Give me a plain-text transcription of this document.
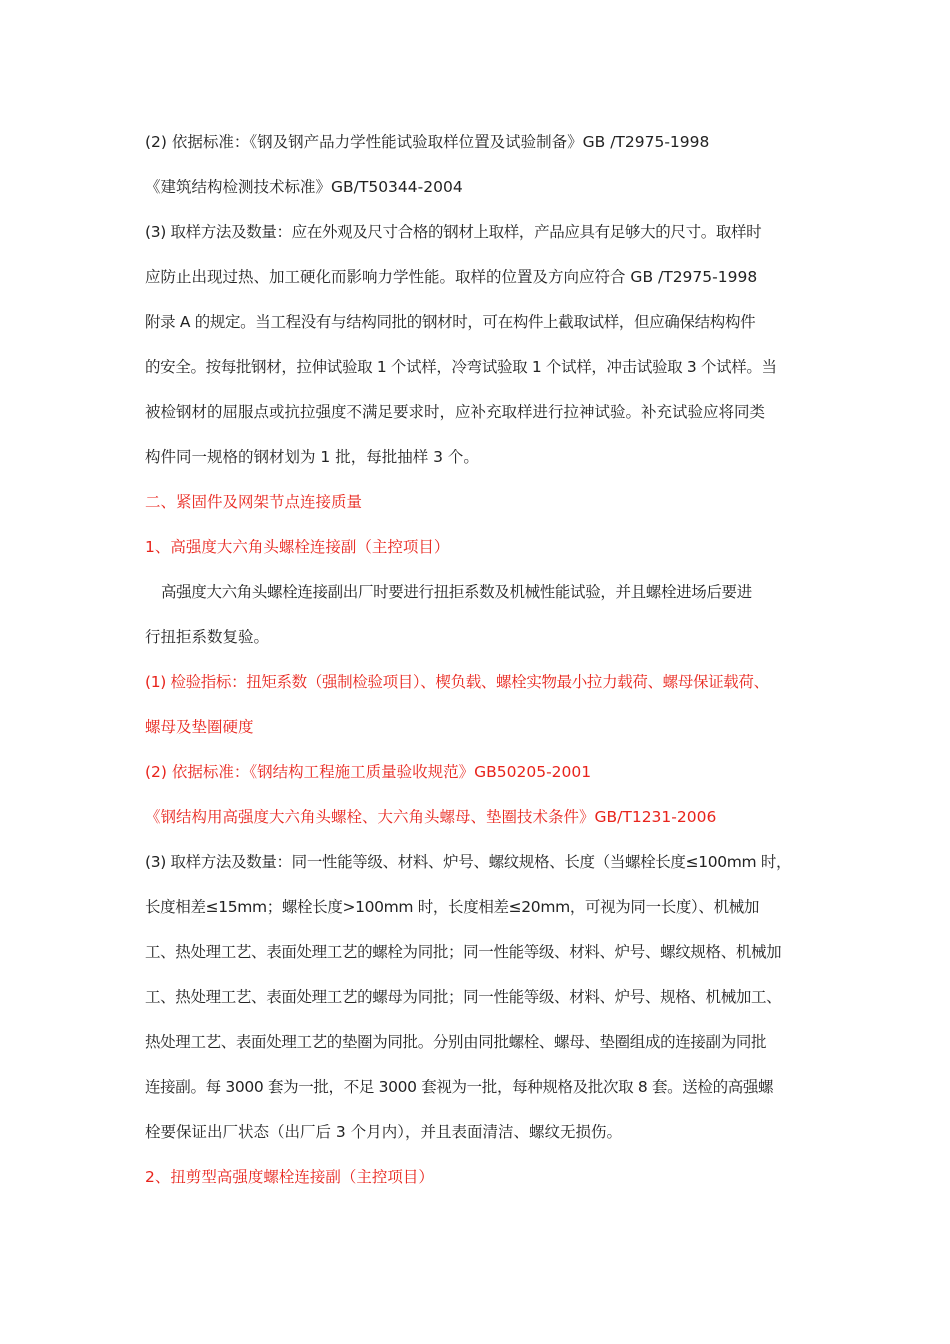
(2) 依据标准：《钢及钢产品力学性能试验取样位置及试验制备》GB /T2975-1998
《建筑结构检测技术标准》GB/T50344-2004
(3) 取样方法及数量：应在外观及尺寸合格的钢材上取样，产品应具有足够大的尺寸。取样时
应防止出现过热、加工硬化而影响力学性能。取样的位置及方向应符合 GB /T2975-1998
附录 A 的规定。当工程没有与结构同批的钢材时，可在构件上截取试样，但应确保结构构件
的安全。按每批钢材，拉伸试验取 1 个试样，冷弯试验取 1 个试样，冲击试验取 3 个试样。当
被检钢材的屈服点或抗拉强度不满足要求时，应补充取样进行拉神试验。补充试验应将同类
构件同一规格的钢材划为 1 批，每批抽样 3 个。
二、紧固件及网架节点连接质量
1、高强度大六角头螺栓连接副（主控项目）
高强度大六角头螺栓连接副出厂时要进行扭拒系数及机械性能试验，并且螺栓进场后要进
行扭拒系数复验。
(1) 检验指标：扭矩系数（强制检验项目）、楔负载、螺栓实物最小拉力载荷、螺母保证载荷、
螺母及垫圈硬度
(2) 依据标准：《钢结构工程施工质量验收规范》GB50205-2001
《钢结构用高强度大六角头螺栓、大六角头螺母、垫圈技术条件》GB/T1231-2006
(3) 取样方法及数量：同一性能等级、材料、炉号、螺纹规格、长度（当螺栓长度≤100mm 时，
长度相差≤15mm；螺栓长度>100mm 时，长度相差≤20mm，可视为同一长度）、机械加
工、热处理工艺、表面处理工艺的螺栓为同批；同一性能等级、材料、炉号、螺纹规格、机械加
工、热处理工艺、表面处理工艺的螺母为同批；同一性能等级、材料、炉号、规格、机械加工、
热处理工艺、表面处理工艺的垫圈为同批。分别由同批螺栓、螺母、垫圈组成的连接副为同批
连接副。每 3000 套为一批，不足 3000 套视为一批，每种规格及批次取 8 套。送检的高强螺
栓要保证出厂状态（出厂后 3 个月内），并且表面清洁、螺纹无损伤。
2、扭剪型高强度螺栓连接副（主控项目）
